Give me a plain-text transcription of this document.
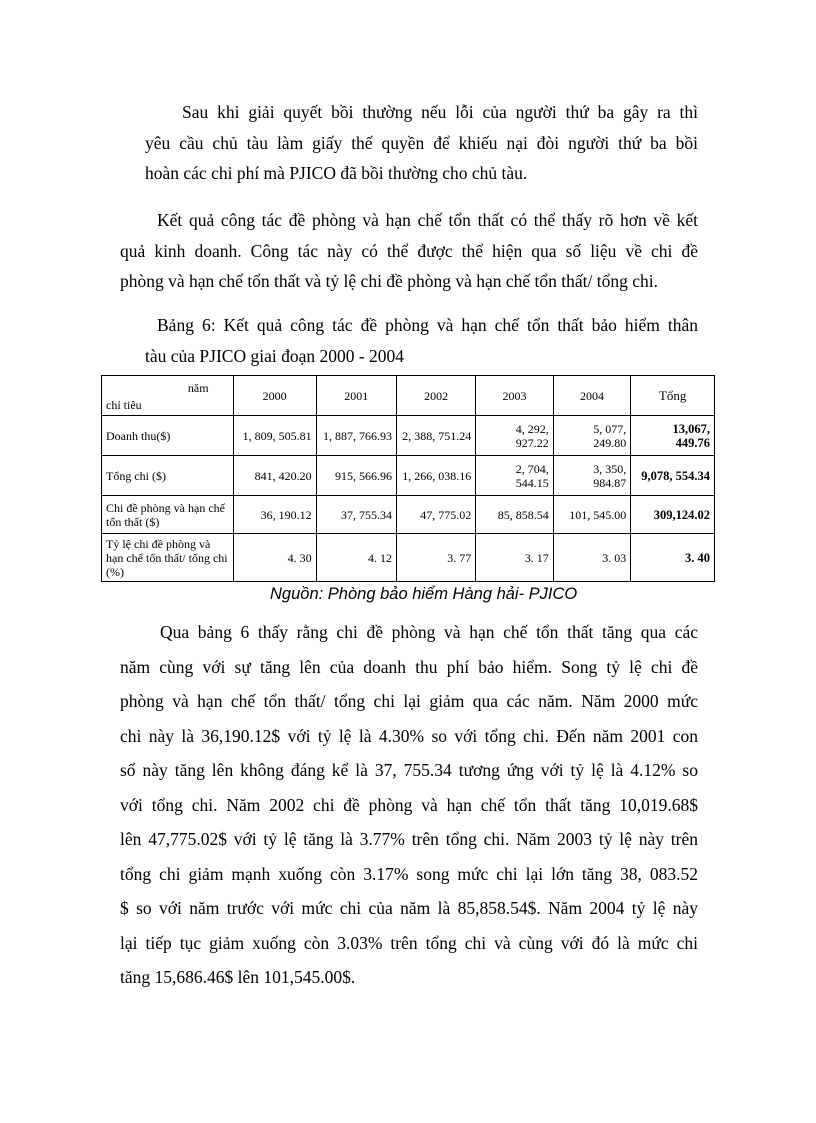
Sau khi giải quyết bồi thường nếu lỗi của người thứ ba gây ra thì
yêu cầu chủ tàu làm giấy thế quyền để khiếu nại đòi người thứ ba bồi
hoàn các chi phí mà PJICO đã bồi thường cho chủ tàu.
Kết quả công tác đề phòng và hạn chế tổn thất có thể thấy rõ hơn về kết
quả kinh doanh. Công tác này có thể được thể hiện qua số liệu về chi đề
phòng và hạn chế tổn thất và tỷ lệ chi đề phòng và hạn chế tổn thất/ tổng chi.
Bảng 6: Kết quả công tác đề phòng và hạn chế tổn thất bảo hiểm thân
tàu của PJICO giai đoạn 2000 - 2004
năm
chỉ tiêu	2000	2001	2002	2003	2004	Tổng
Doanh thu($)	1, 809, 505.81	1, 887, 766.93	2, 388, 751.24	4, 292, 927.22	5, 077, 249.80	13,067, 449.76
Tổng chi ($)	841, 420.20	915, 566.96	1, 266, 038.16	2, 704, 544.15	3, 350, 984.87	9,078, 554.34
Chi đề phòng và hạn chế tổn thất ($)	36, 190.12	37, 755.34	47, 775.02	85, 858.54	101, 545.00	309,124.02
Tỷ lệ chi đề phòng và hạn chế tổn thất/ tổng chi (%)	4. 30	4. 12	3. 77	3. 17	3. 03	3. 40
Nguồn: Phòng bảo hiểm Hàng hải- PJICO
Qua bảng 6 thấy rằng chi đề phòng và hạn chế tổn thất tăng qua các
năm cùng với sự tăng lên của doanh thu phí bảo hiểm. Song tỷ lệ chi đề
phòng và hạn chế tổn thất/ tổng chi lại giảm qua các năm. Năm 2000 mức
chi này là 36,190.12$ với tỷ lệ là 4.30% so với tổng chi. Đến năm 2001 con
số này tăng lên không đáng kể là 37, 755.34 tương ứng với tỷ lệ là 4.12% so
với tổng chi. Năm 2002 chi đề phòng và hạn chế tổn thất tăng 10,019.68$
lên 47,775.02$ với tỷ lệ tăng là 3.77% trên tổng chi. Năm 2003 tỷ lệ này trên
tổng chi giảm mạnh xuống còn 3.17% song mức chi lại lớn tăng 38, 083.52
$ so với năm trước với mức chi của năm là 85,858.54$. Năm 2004 tỷ lệ này
lại tiếp tục giảm xuống còn 3.03% trên tổng chi và cùng với đó là mức chi
tăng 15,686.46$ lên 101,545.00$.
